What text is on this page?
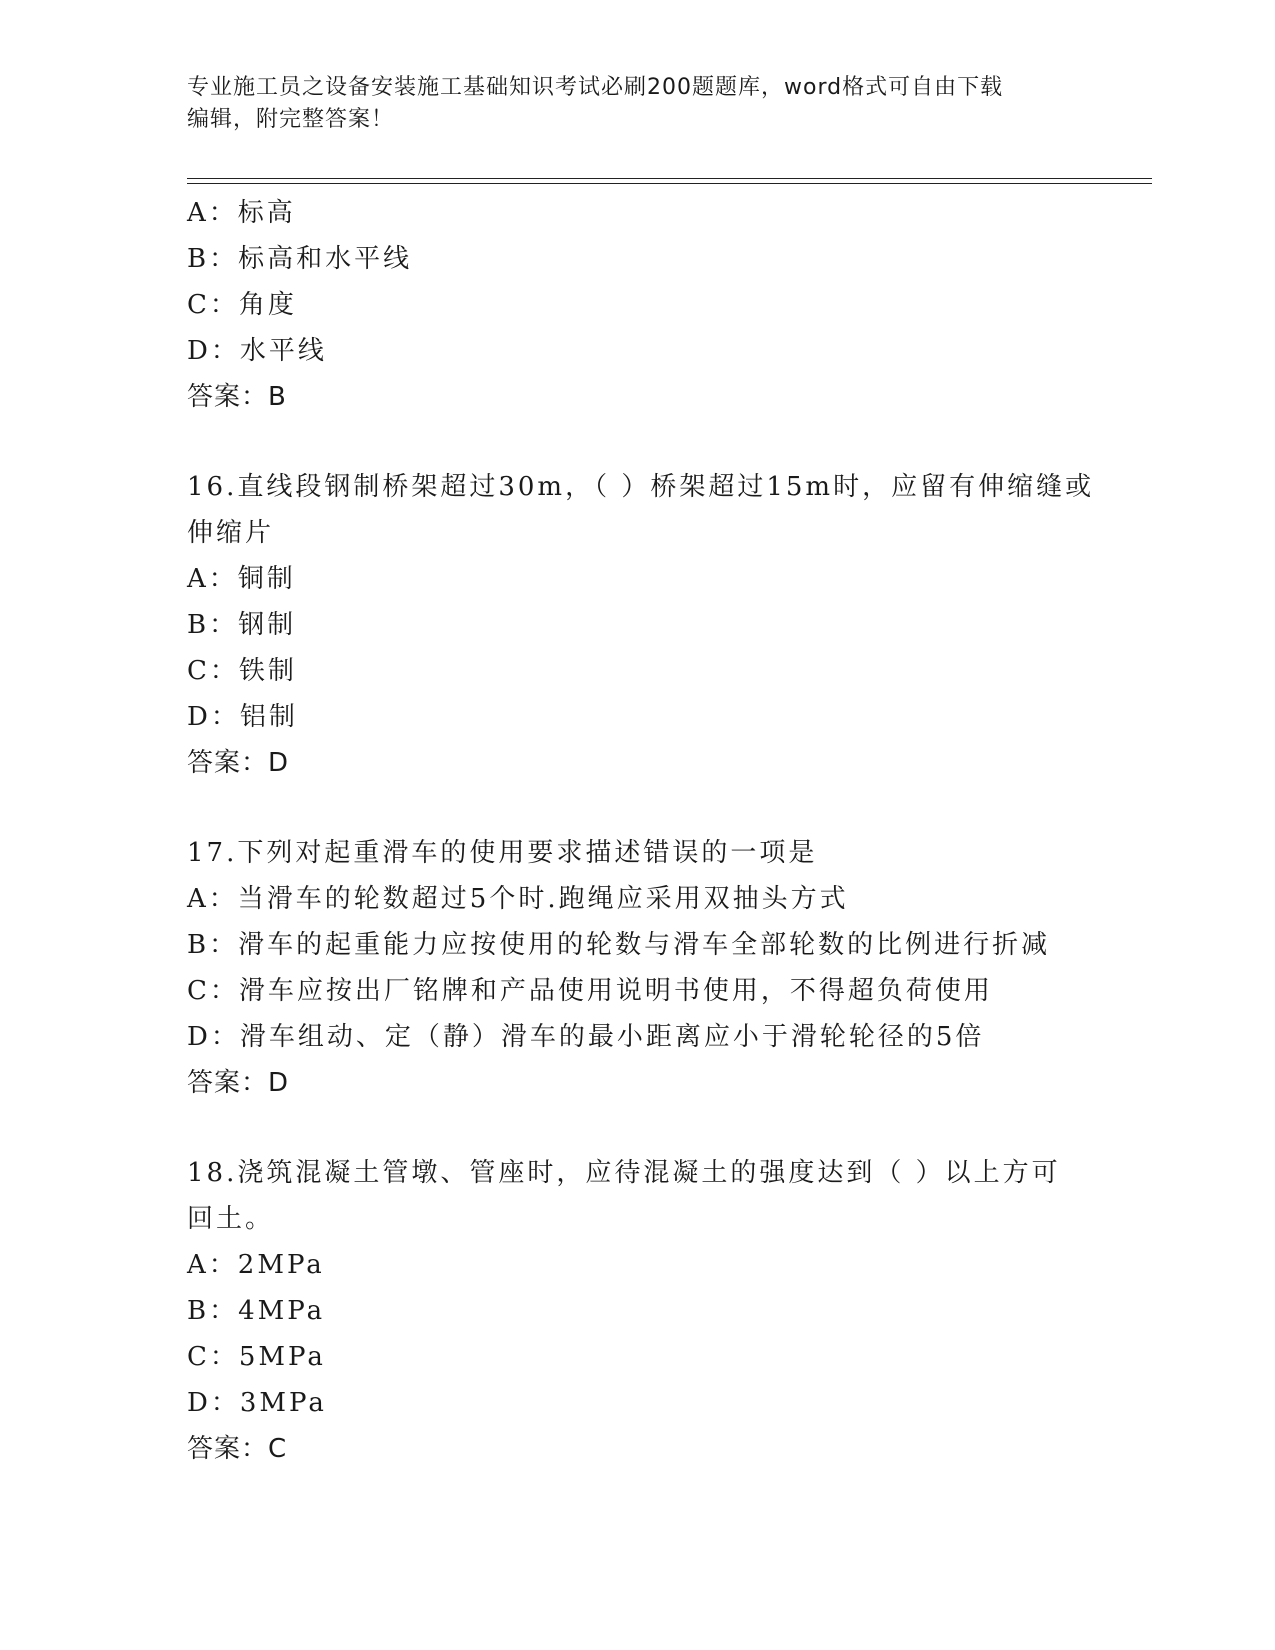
专业施工员之设备安装施工基础知识考试必刷200题题库，word格式可自由下载
编辑，附完整答案！
A：标高
B：标高和水平线
C：角度
D：水平线
答案：B
16.直线段钢制桥架超过30m，（ ）桥架超过15m时，应留有伸缩缝或
伸缩片
A：铜制
B：钢制
C：铁制
D：铝制
答案：D
17.下列对起重滑车的使用要求描述错误的一项是
A：当滑车的轮数超过5个时.跑绳应采用双抽头方式
B：滑车的起重能力应按使用的轮数与滑车全部轮数的比例进行折减
C：滑车应按出厂铭牌和产品使用说明书使用，不得超负荷使用
D：滑车组动、定（静）滑车的最小距离应小于滑轮轮径的5倍
答案：D
18.浇筑混凝土管墩、管座时，应待混凝土的强度达到（ ）以上方可
回土。
A：2MPa
B：4MPa
C：5MPa
D：3MPa
答案：C
